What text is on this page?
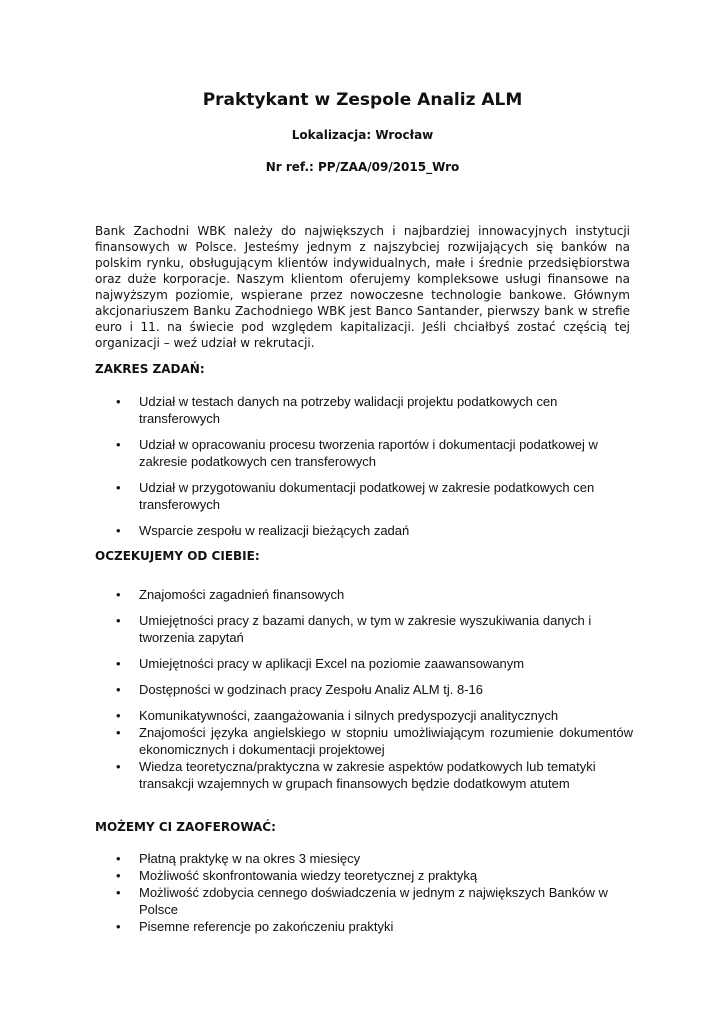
Praktykant w Zespole Analiz ALM
Lokalizacja: Wrocław
Nr ref.: PP/ZAA/09/2015_Wro
Bank Zachodni WBK należy do największych i najbardziej innowacyjnych instytucji finansowych w Polsce. Jesteśmy jednym z najszybciej rozwijających się banków na polskim rynku, obsługującym klientów indywidualnych, małe i średnie przedsiębiorstwa oraz duże korporacje. Naszym klientom oferujemy kompleksowe usługi finansowe na najwyższym poziomie, wspierane przez nowoczesne technologie bankowe. Głównym akcjonariuszem Banku Zachodniego WBK jest Banco Santander, pierwszy bank w strefie euro i 11. na świecie pod względem kapitalizacji. Jeśli chciałbyś zostać częścią tej organizacji – weź udział w rekrutacji.
ZAKRES ZADAŃ:
• Udział w testach danych na potrzeby walidacji projektu podatkowych cen transferowych
• Udział w opracowaniu procesu tworzenia raportów i dokumentacji podatkowej w zakresie podatkowych cen transferowych
• Udział w przygotowaniu dokumentacji podatkowej w zakresie podatkowych cen transferowych
• Wsparcie zespołu w realizacji bieżących zadań
OCZEKUJEMY OD CIEBIE:
• Znajomości zagadnień finansowych
• Umiejętności pracy z bazami danych, w tym w zakresie wyszukiwania danych i tworzenia zapytań
• Umiejętności pracy w aplikacji Excel na poziomie zaawansowanym
• Dostępności w godzinach pracy Zespołu Analiz ALM tj. 8-16
• Komunikatywności, zaangażowania i silnych predyspozycji analitycznych
• Znajomości języka angielskiego w stopniu umożliwiającym rozumienie dokumentów ekonomicznych i dokumentacji projektowej
• Wiedza teoretyczna/praktyczna w zakresie aspektów podatkowych lub tematyki transakcji wzajemnych w grupach finansowych będzie dodatkowym atutem
MOŻEMY CI ZAOFEROWAĆ:
• Płatną praktykę w na okres 3 miesięcy
• Możliwość skonfrontowania wiedzy teoretycznej z praktyką
• Możliwość zdobycia cennego doświadczenia w jednym z największych Banków w Polsce
• Pisemne referencje po zakończeniu praktyki
